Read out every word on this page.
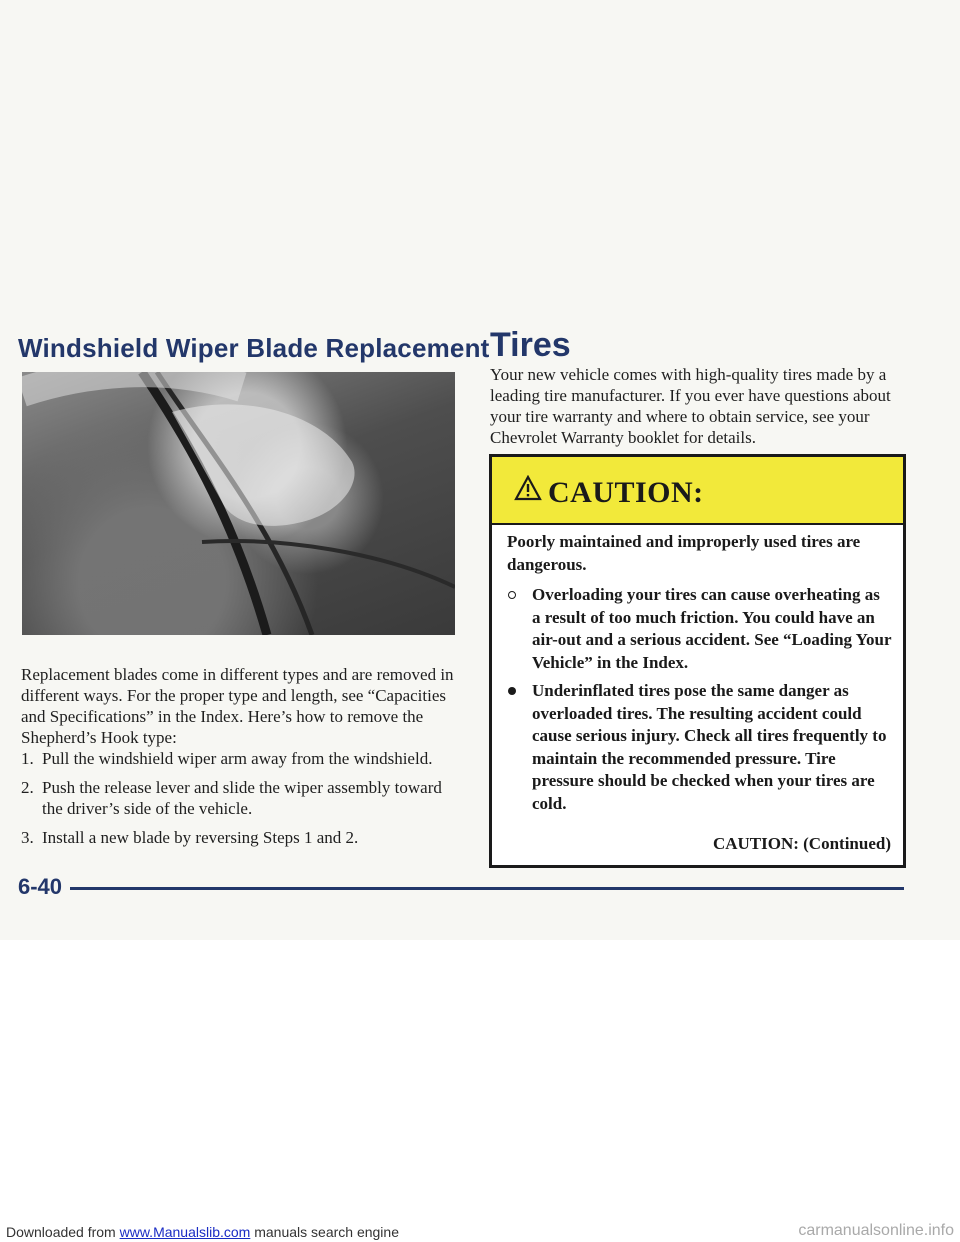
Windshield Wiper Blade Replacement

Replacement blades come in different types and are removed in different ways. For the proper type and length, see “Capacities and Specifications” in the Index. Here’s how to remove the Shepherd’s Hook type:

1. Pull the windshield wiper arm away from the windshield.
2. Push the release lever and slide the wiper assembly toward the driver’s side of the vehicle.
3. Install a new blade by reversing Steps 1 and 2.
Tires

Your new vehicle comes with high-quality tires made by a leading tire manufacturer. If you ever have questions about your tire warranty and where to obtain service, see your Chevrolet Warranty booklet for details.

CAUTION:

Poorly maintained and improperly used tires are dangerous.

Overloading your tires can cause overheating as a result of too much friction. You could have an air-out and a serious accident. See “Loading Your Vehicle” in the Index.
Underinflated tires pose the same danger as overloaded tires. The resulting accident could cause serious injury. Check all tires frequently to maintain the recommended pressure. Tire pressure should be checked when your tires are cold.
CAUTION: (Continued)
6-40
Downloaded from www.Manualslib.com manuals search engine	carmanualsonline.info
